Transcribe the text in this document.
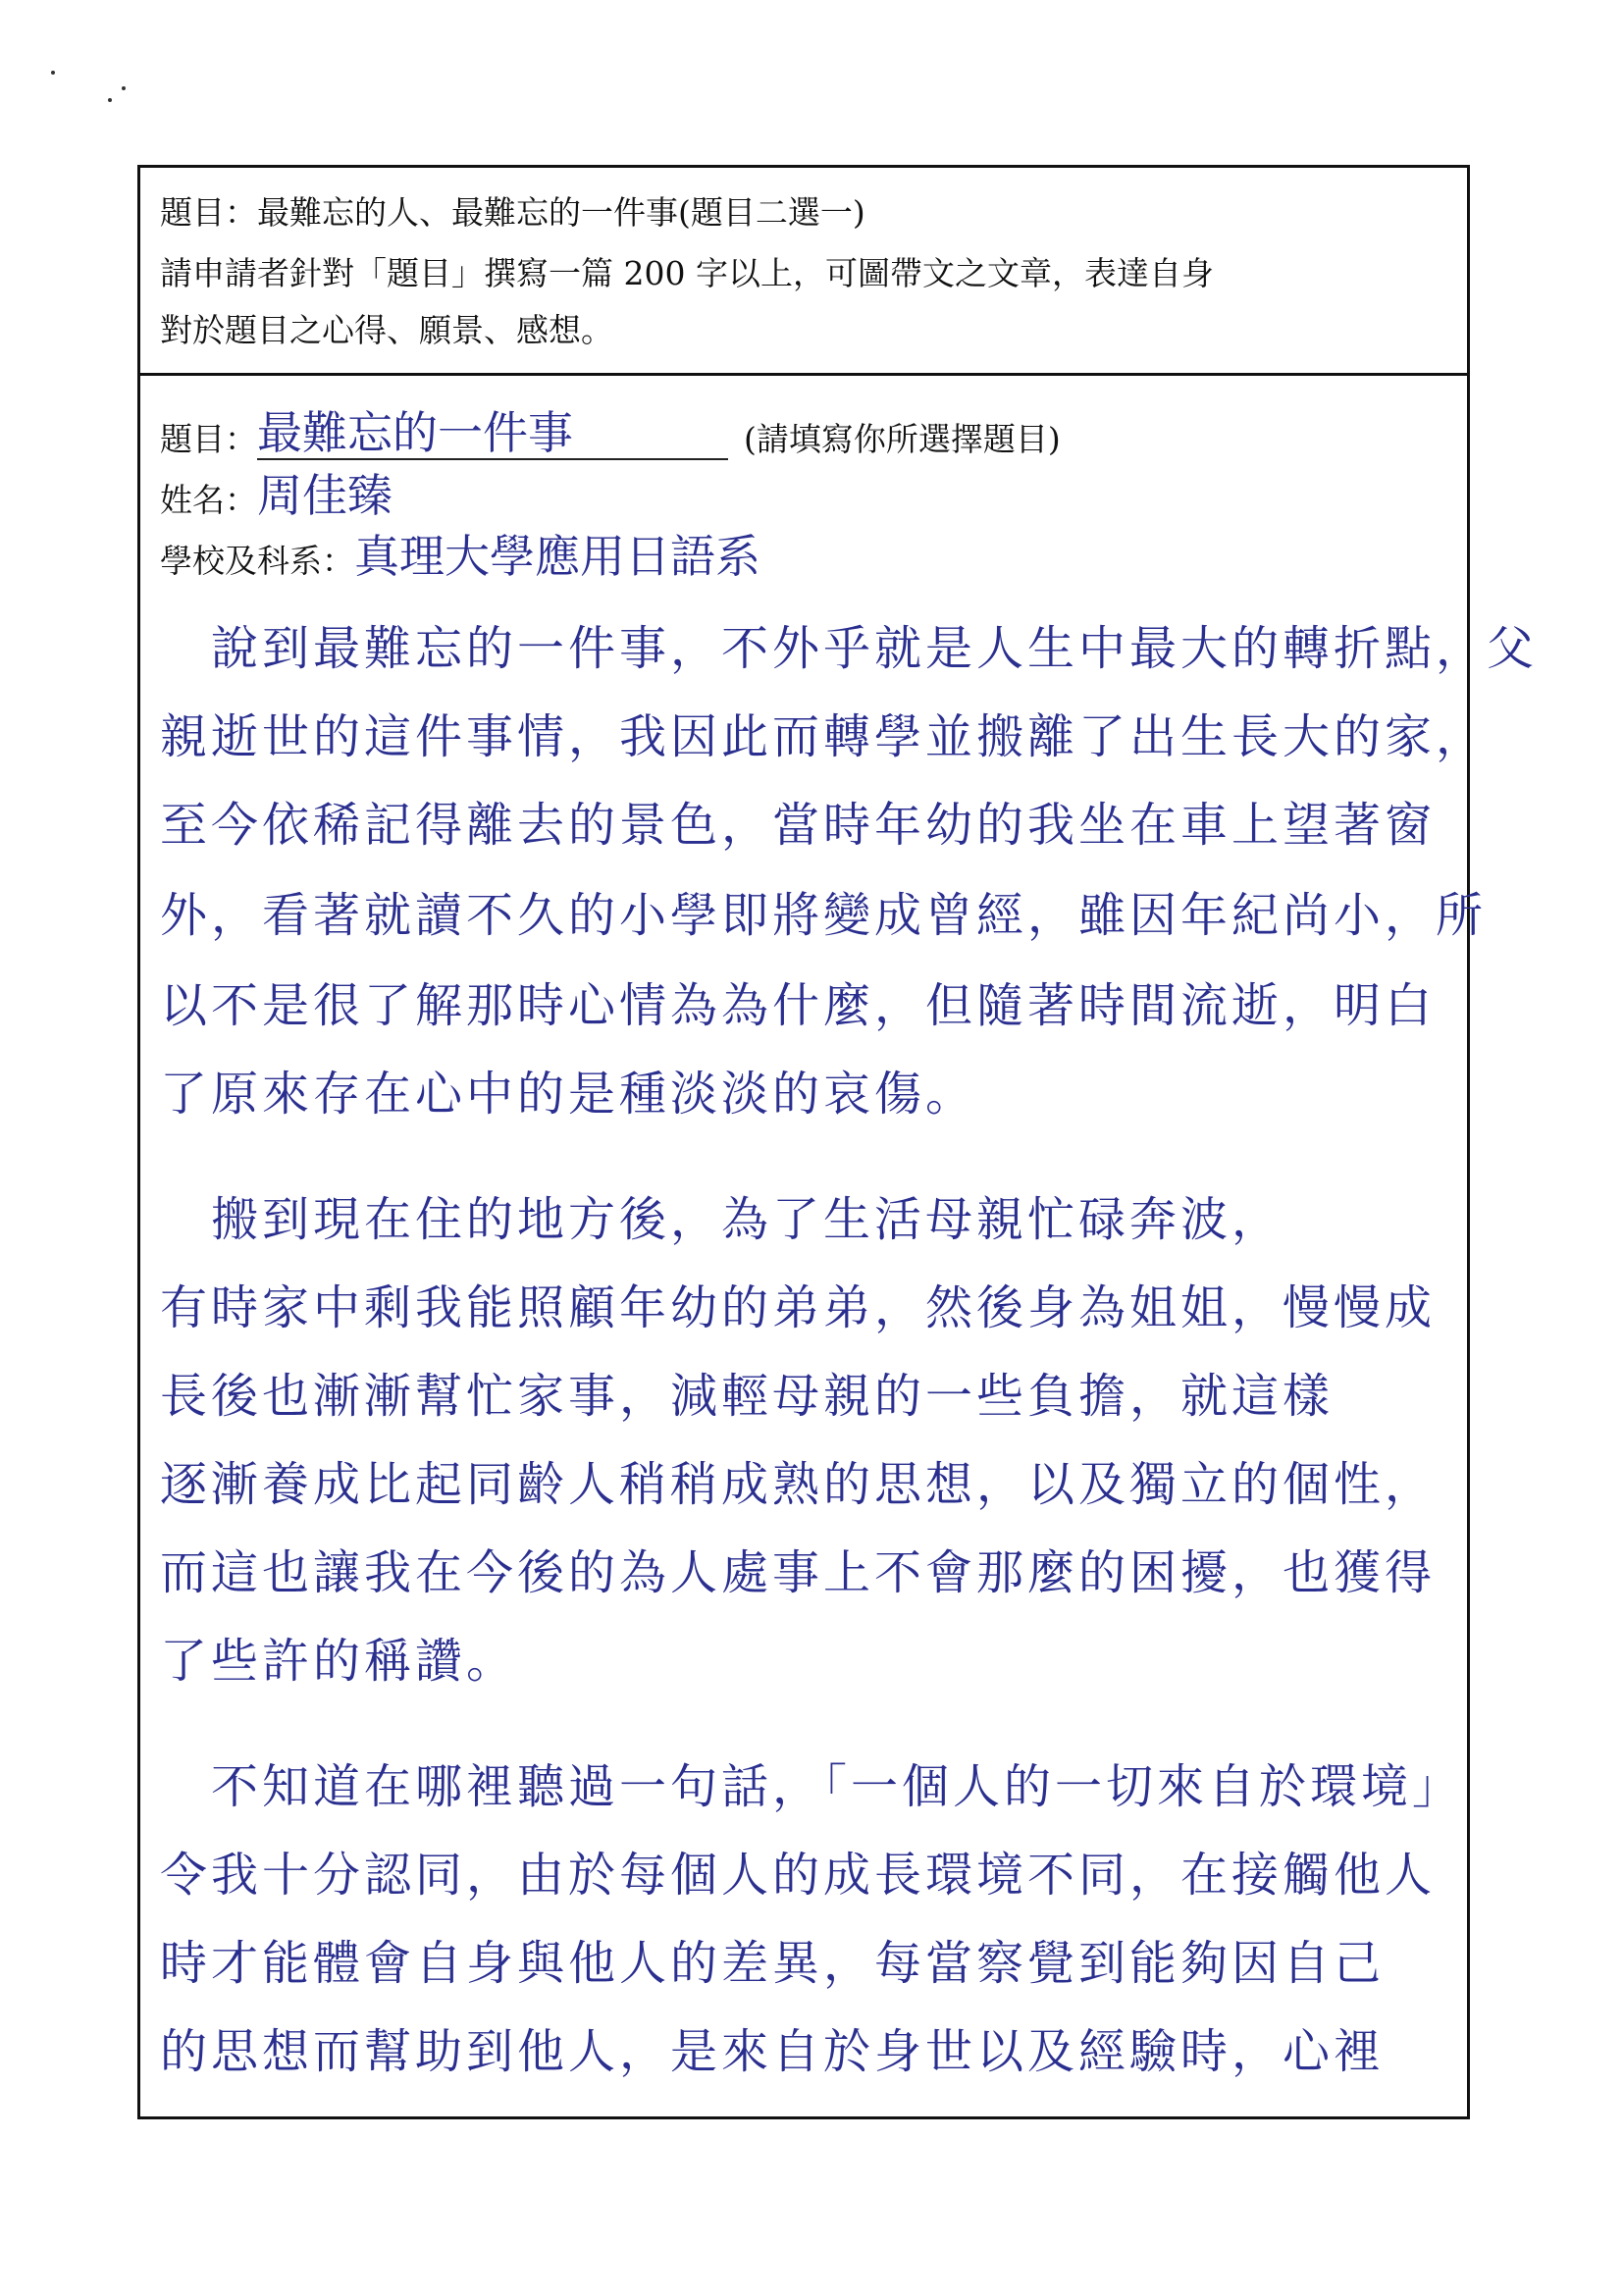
題目：最難忘的人、最難忘的一件事(題目二選一)
請申請者針對「題目」撰寫一篇 200 字以上，可圖帶文之文章，表達自身
對於題目之心得、願景、感想。
題目： 最難忘的一件事	(請填寫你所選擇題目)
姓名： 周佳臻
學校及科系： 真理大學應用日語系
　說到最難忘的一件事，不外乎就是人生中最大的轉折點，父
親逝世的這件事情，我因此而轉學並搬離了出生長大的家，
至今依稀記得離去的景色，當時年幼的我坐在車上望著窗
外，看著就讀不久的小學即將變成曾經，雖因年紀尚小，所
以不是很了解那時心情為為什麼，但隨著時間流逝，明白
了原來存在心中的是種淡淡的哀傷。
　搬到現在住的地方後，為了生活母親忙碌奔波，
有時家中剩我能照顧年幼的弟弟，然後身為姐姐，慢慢成
長後也漸漸幫忙家事，減輕母親的一些負擔，就這樣
逐漸養成比起同齡人稍稍成熟的思想，以及獨立的個性，
而這也讓我在今後的為人處事上不會那麼的困擾，也獲得
了些許的稱讚。
　不知道在哪裡聽過一句話，「一個人的一切來自於環境」
令我十分認同，由於每個人的成長環境不同，在接觸他人
時才能體會自身與他人的差異，每當察覺到能夠因自己
的思想而幫助到他人，是來自於身世以及經驗時，心裡
